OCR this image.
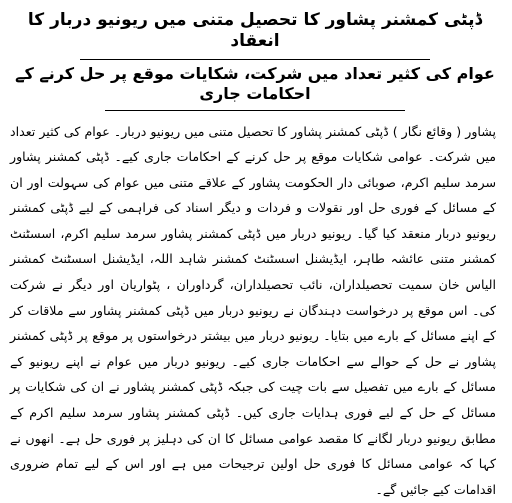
ڈپٹی کمشنر پشاور کا تحصیل متنی میں ریونیو دربار کا انعقاد
عوام کی کثیر تعداد میں شرکت، شکایات موقع پر حل کرنے کے احکامات جاری

پشاور ( وقائع نگار ) ڈپٹی کمشنر پشاور کا تحصیل متنی میں ریونیو دربار۔ عوام کی کثیر تعداد میں شرکت۔ عوامی شکایات موقع پر حل کرنے کے احکامات جاری کیے۔ ڈپٹی کمشنر پشاور سرمد سلیم اکرم، صوبائی دار الحکومت پشاور کے علاقے متنی میں عوام کی سہولت اور ان کے مسائل کے فوری حل اور نقولات و فردات و دیگر اسناد کی فراہمی کے لیے ڈپٹی کمشنر ریونیو دربار منعقد کیا گیا۔ ریونیو دربار میں ڈپٹی کمشنر پشاور سرمد سلیم اکرم، اسسٹنٹ کمشنر متنی عائشہ طاہر، ایڈیشنل اسسٹنٹ کمشنر شاہد اللہ، ایڈیشنل اسسٹنٹ کمشنر الیاس خان سمیت تحصیلداران، نائب تحصیلداران، گرداوران ، پٹواریان اور دیگر نے شرکت کی۔ اس موقع پر درخواست دہندگان نے ریونیو دربار میں ڈپٹی کمشنر پشاور سے ملاقات کر کے اپنے مسائل کے بارے میں بتایا۔ ریونیو دربار میں بیشتر درخواستوں پر موقع پر ڈپٹی کمشنر پشاور نے حل کے حوالے سے احکامات جاری کیے۔ ریونیو دربار میں عوام نے اپنے ریونیو کے مسائل کے بارے میں تفصیل سے بات چیت کی جبکہ ڈپٹی کمشنر پشاور نے ان کی شکایات پر مسائل کے حل کے لیے فوری ہدایات جاری کیں۔ ڈپٹی کمشنر پشاور سرمد سلیم اکرم کے مطابق ریونیو دربار لگانے کا مقصد عوامی مسائل کا ان کی دہلیز پر فوری حل ہے۔ انھوں نے کہا کہ عوامی مسائل کا فوری حل اولین ترجیحات میں ہے اور اس کے لیے تمام ضروری اقدامات کیے جائیں گے۔
